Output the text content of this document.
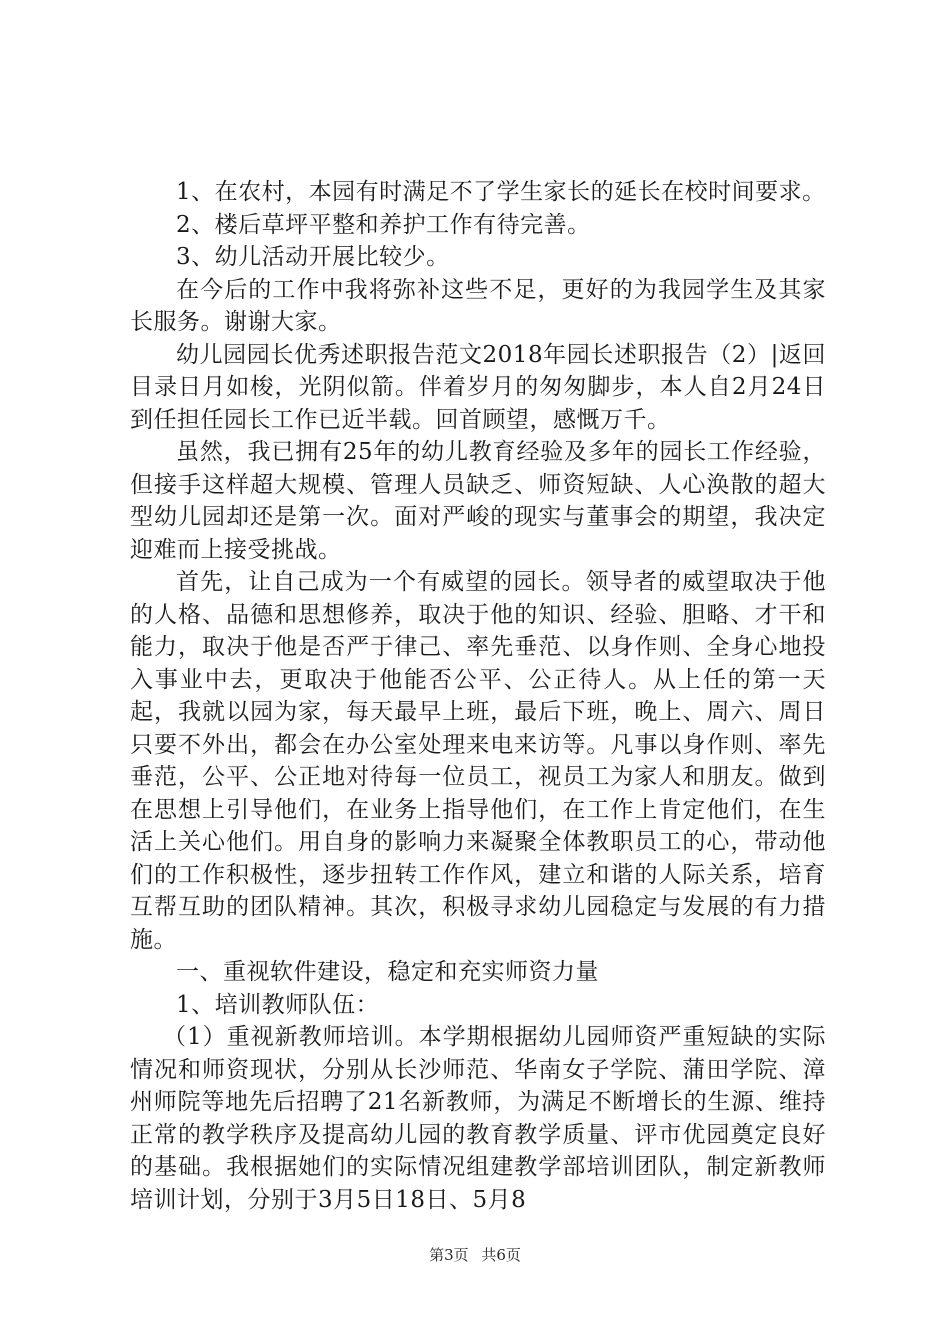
1、在农村，本园有时满足不了学生家长的延长在校时间要求。

2、楼后草坪平整和养护工作有待完善。

3、幼儿活动开展比较少。

在今后的工作中我将弥补这些不足，更好的为我园学生及其家长服务。谢谢大家。

幼儿园园长优秀述职报告范文2018年园长述职报告（2）|返回目录日月如梭，光阴似箭。伴着岁月的匆匆脚步，本人自2月24日到任担任园长工作已近半载。回首顾望，感慨万千。

虽然，我已拥有25年的幼儿教育经验及多年的园长工作经验，但接手这样超大规模、管理人员缺乏、师资短缺、人心涣散的超大型幼儿园却还是第一次。面对严峻的现实与董事会的期望，我决定迎难而上接受挑战。

首先，让自己成为一个有威望的园长。领导者的威望取决于他的人格、品德和思想修养，取决于他的知识、经验、胆略、才干和能力，取决于他是否严于律己、率先垂范、以身作则、全身心地投入事业中去，更取决于他能否公平、公正待人。从上任的第一天起，我就以园为家，每天最早上班，最后下班，晚上、周六、周日只要不外出，都会在办公室处理来电来访等。凡事以身作则、率先垂范，公平、公正地对待每一位员工，视员工为家人和朋友。做到在思想上引导他们，在业务上指导他们，在工作上肯定他们，在生活上关心他们。用自身的影响力来凝聚全体教职员工的心，带动他们的工作积极性，逐步扭转工作作风，建立和谐的人际关系，培育互帮互助的团队精神。其次，积极寻求幼儿园稳定与发展的有力措施。

一、重视软件建设，稳定和充实师资力量

1、培训教师队伍：

（1）重视新教师培训。本学期根据幼儿园师资严重短缺的实际情况和师资现状，分别从长沙师范、华南女子学院、蒲田学院、漳州师院等地先后招聘了21名新教师，为满足不断增长的生源、维持正常的教学秩序及提高幼儿园的教育教学质量、评市优园奠定良好的基础。我根据她们的实际情况组建教学部培训团队，制定新教师培训计划，分别于3月5日18日、5月8

第3页 共6页
